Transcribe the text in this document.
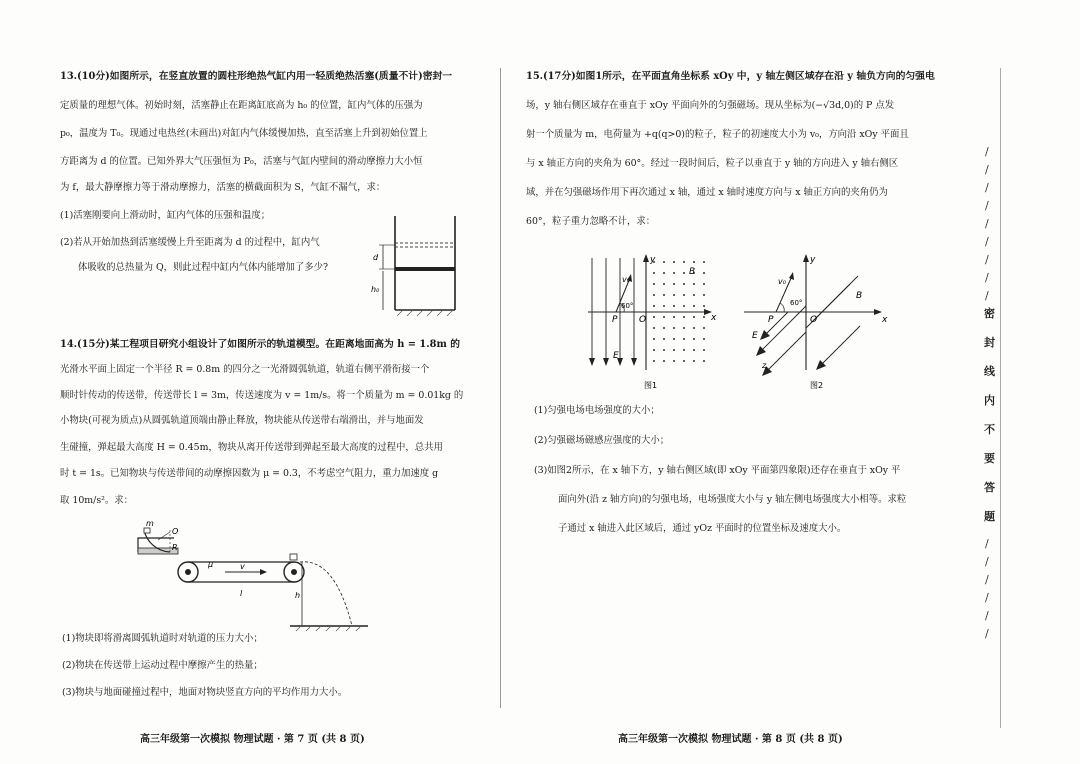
13.(10分)如图所示，在竖直放置的圆柱形绝热气缸内用一轻质绝热活塞(质量不计)密封一
定质量的理想气体。初始时刻，活塞静止在距离缸底高为 h₀ 的位置，缸内气体的压强为
p₀，温度为 T₀。现通过电热丝(未画出)对缸内气体缓慢加热，直至活塞上升到初始位置上
方距离为 d 的位置。已知外界大气压强恒为 P₀，活塞与气缸内壁间的滑动摩擦力大小恒
为 f，最大静摩擦力等于滑动摩擦力，活塞的横截面积为 S，气缸不漏气，求：
(1)活塞刚要向上滑动时，缸内气体的压强和温度；
(2)若从开始加热到活塞缓慢上升至距离为 d 的过程中，缸内气
体吸收的总热量为 Q，则此过程中缸内气体内能增加了多少?
d
h₀
14.(15分)某工程项目研究小组设计了如图所示的轨道模型。在距离地面高为 h = 1.8m 的
光滑水平面上固定一个半径 R = 0.8m 的四分之一光滑圆弧轨道，轨道右侧平滑衔接一个
顺时针传动的传送带，传送带长 l = 3m，传送速度为 v = 1m/s。将一个质量为 m = 0.01kg 的
小物块(可视为质点)从圆弧轨道顶端由静止释放，物块能从传送带右端滑出，并与地面发
生碰撞，弹起最大高度 H = 0.45m，物块从离开传送带到弹起至最大高度的过程中，总共用
时 t = 1s。已知物块与传送带间的动摩擦因数为 μ = 0.3，不考虑空气阻力，重力加速度 g
取 10m/s²。求：
m
O
R
μ	v
l	h
(1)物块即将滑离圆弧轨道时对轨道的压力大小；
(2)物块在传送带上运动过程中摩擦产生的热量；
(3)物块与地面碰撞过程中，地面对物块竖直方向的平均作用力大小。
高三年级第一次模拟 物理试题 · 第 7 页 (共 8 页)
15.(17分)如图1所示，在平面直角坐标系 xOy 中，y 轴左侧区域存在沿 y 轴负方向的匀强电
场，y 轴右侧区域存在垂直于 xOy 平面向外的匀强磁场。现从坐标为(−√3d,0)的 P 点发
射一个质量为 m，电荷量为 +q(q>0)的粒子，粒子的初速度大小为 v₀，方向沿 xOy 平面且
与 x 轴正方向的夹角为 60°。经过一段时间后，粒子以垂直于 y 轴的方向进入 y 轴右侧区
域，并在匀强磁场作用下再次通过 x 轴，通过 x 轴时速度方向与 x 轴正方向的夹角仍为
60°，粒子重力忽略不计，求：
y
x
O
P
E
B
v₀
60°
图1
y
x
z
O
P
E
B
v₀
60°
图2
(1)匀强电场电场强度的大小；
(2)匀强磁场磁感应强度的大小；
(3)如图2所示，在 x 轴下方，y 轴右侧区域(即 xOy 平面第四象限)还存在垂直于 xOy 平
面向外(沿 z 轴方向)的匀强电场，电场强度大小与 y 轴左侧电场强度大小相等。求粒
子通过 x 轴进入此区域后，通过 yOz 平面时的位置坐标及速度大小。
高三年级第一次模拟 物理试题 · 第 8 页 (共 8 页)
/
/
/
/
/
/
/
/
/
/
/
/
/
/
/
密
封
线
内
不
要
答
题
